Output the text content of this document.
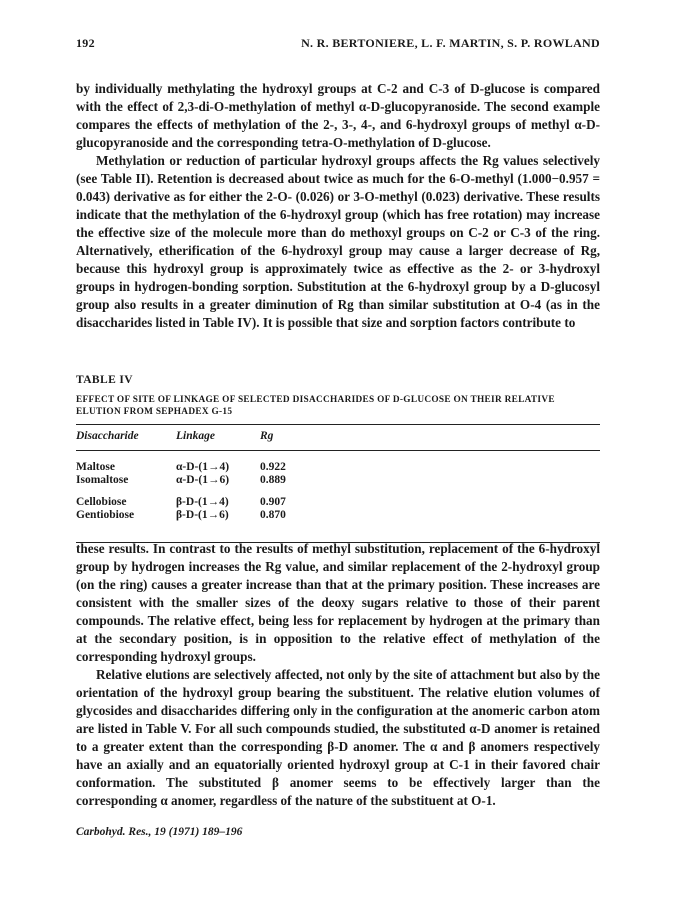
192	N. R. BERTONIERE, L. F. MARTIN, S. P. ROWLAND

by individually methylating the hydroxyl groups at C-2 and C-3 of D-glucose is compared with the effect of 2,3-di-O-methylation of methyl α-D-glucopyranoside. The second example compares the effects of methylation of the 2-, 3-, 4-, and 6-hydroxyl groups of methyl α-D-glucopyranoside and the corresponding tetra-O-methylation of D-glucose.

Methylation or reduction of particular hydroxyl groups affects the Rg values selectively (see Table II). Retention is decreased about twice as much for the 6-O-methyl (1.000−0.957 = 0.043) derivative as for either the 2-O- (0.026) or 3-O-methyl (0.023) derivative. These results indicate that the methylation of the 6-hydroxyl group (which has free rotation) may increase the effective size of the molecule more than do methoxyl groups on C-2 or C-3 of the ring. Alternatively, etherification of the 6-hydroxyl group may cause a larger decrease of Rg, because this hydroxyl group is approximately twice as effective as the 2- or 3-hydroxyl groups in hydrogen-bonding sorption. Substitution at the 6-hydroxyl group by a D-glucosyl group also results in a greater diminution of Rg than similar substitution at O-4 (as in the disaccharides listed in Table IV). It is possible that size and sorption factors contribute to

TABLE IV
EFFECT OF SITE OF LINKAGE OF SELECTED DISACCHARIDES OF D-GLUCOSE ON THEIR RELATIVE ELUTION FROM SEPHADEX G-15
Disaccharide	Linkage	Rg

Maltose	α-D-(1→4)	0.922
Isomaltose	α-D-(1→6)	0.889

Cellobiose	β-D-(1→4)	0.907
Gentiobiose	β-D-(1→6)	0.870

these results. In contrast to the results of methyl substitution, replacement of the 6-hydroxyl group by hydrogen increases the Rg value, and similar replacement of the 2-hydroxyl group (on the ring) causes a greater increase than that at the primary position. These increases are consistent with the smaller sizes of the deoxy sugars relative to those of their parent compounds. The relative effect, being less for replacement by hydrogen at the primary than at the secondary position, is in opposition to the relative effect of methylation of the corresponding hydroxyl groups.

Relative elutions are selectively affected, not only by the site of attachment but also by the orientation of the hydroxyl group bearing the substituent. The relative elution volumes of glycosides and disaccharides differing only in the configuration at the anomeric carbon atom are listed in Table V. For all such compounds studied, the substituted α-D anomer is retained to a greater extent than the corresponding β-D anomer. The α and β anomers respectively have an axially and an equatorially oriented hydroxyl group at C-1 in their favored chair conformation. The substituted β anomer seems to be effectively larger than the corresponding α anomer, regardless of the nature of the substituent at O-1.

Carbohyd. Res., 19 (1971) 189–196
